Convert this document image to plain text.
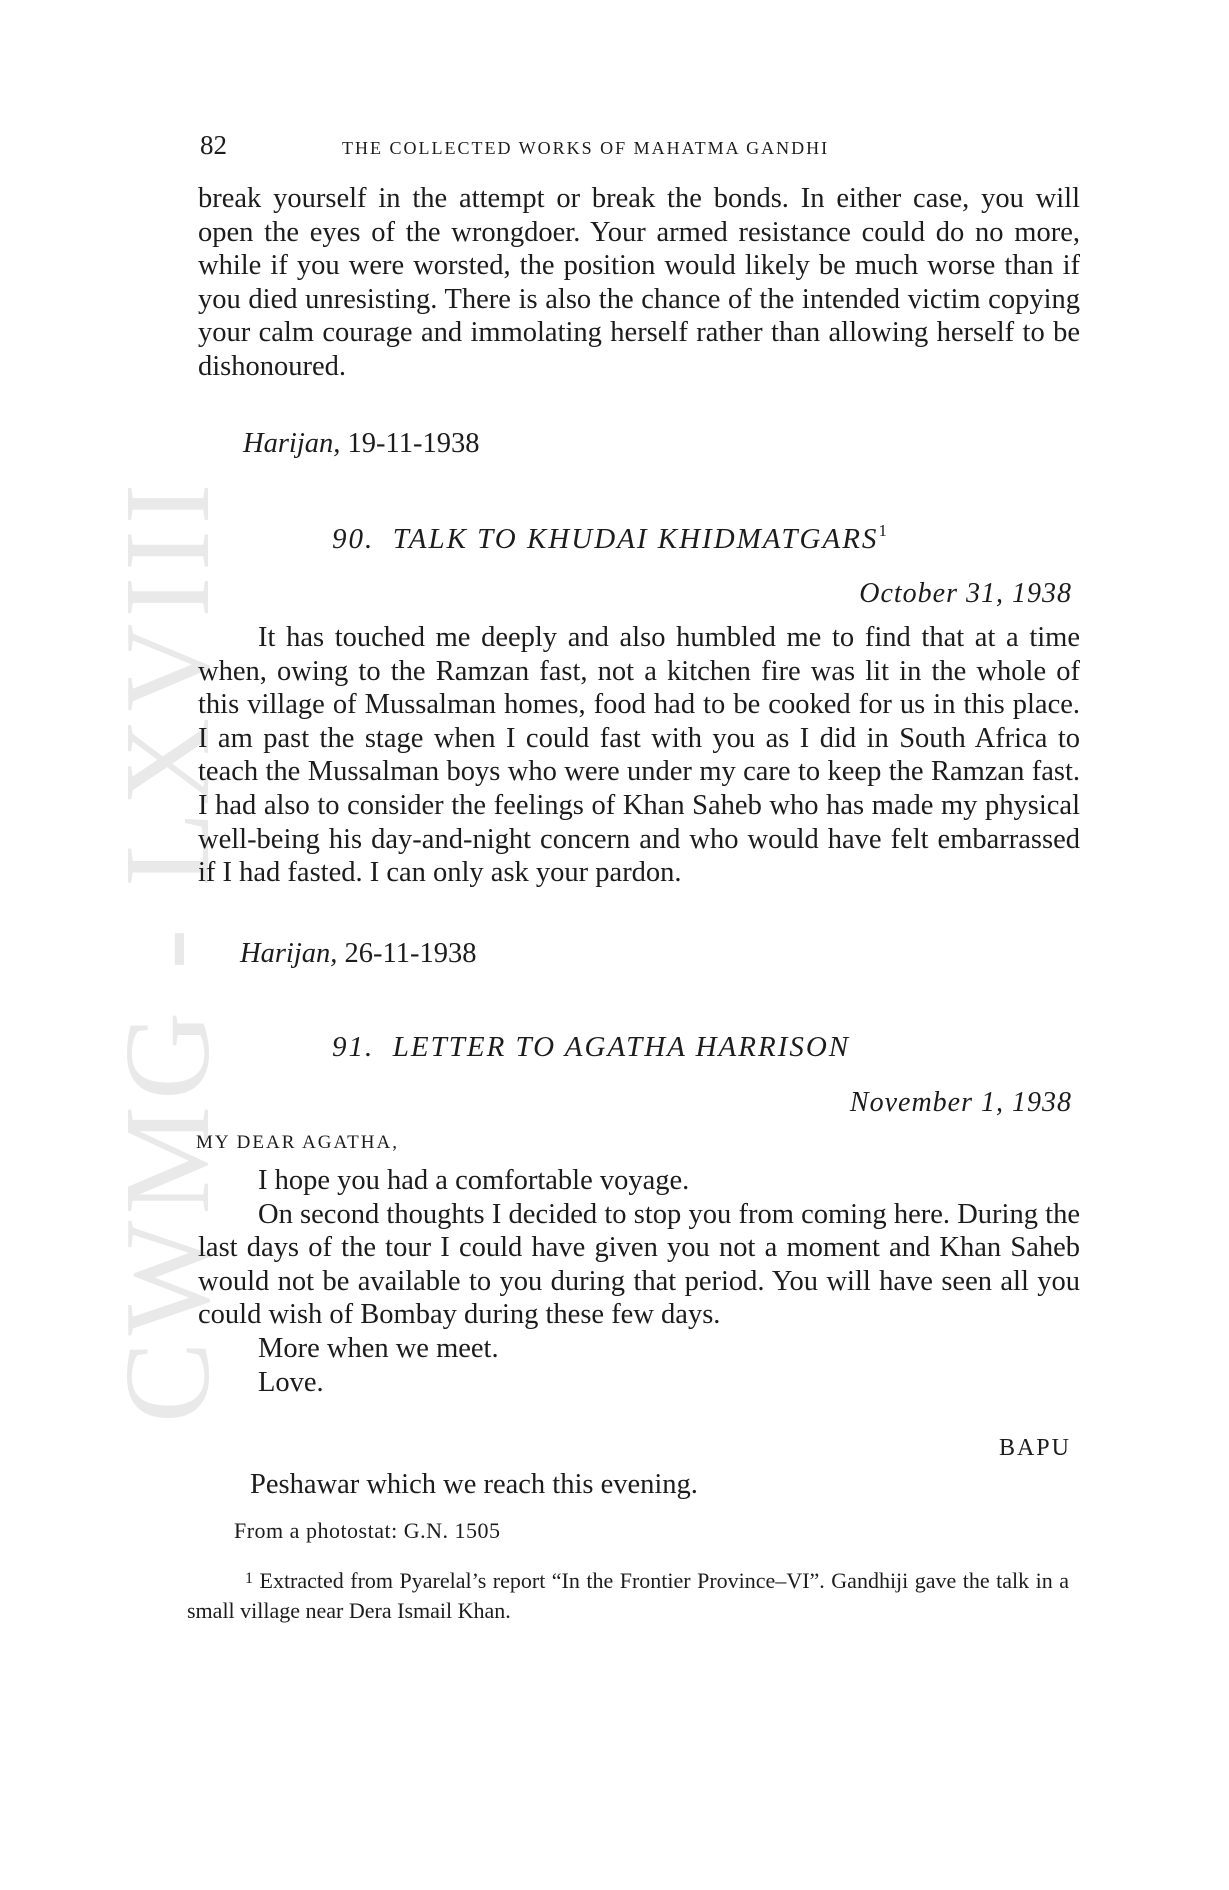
CWMG - LXVIII
82	THE COLLECTED WORKS OF MAHATMA GANDHI

break yourself in the attempt or break the bonds. In either case, you will open the eyes of the wrongdoer. Your armed resistance could do no more, while if you were worsted, the position would likely be much worse than if you died unresisting. There is also the chance of the intended victim copying your calm courage and immolating herself rather than allowing herself to be dishonoured.

Harijan, 19-11-1938
90. TALK TO KHUDAI KHIDMATGARS$^1$
October 31, 1938

It has touched me deeply and also humbled me to find that at a time when, owing to the Ramzan fast, not a kitchen fire was lit in the whole of this village of Mussalman homes, food had to be cooked for us in this place. I am past the stage when I could fast with you as I did in South Africa to teach the Mussalman boys who were under my care to keep the Ramzan fast. I had also to consider the feelings of Khan Saheb who has made my physical well-being his day-and-night concern and who would have felt embarrassed if I had fasted. I can only ask your pardon.

Harijan, 26-11-1938
91. LETTER TO AGATHA HARRISON
November 1, 1938
MY DEAR AGATHA,

I hope you had a comfortable voyage.

On second thoughts I decided to stop you from coming here. During the last days of the tour I could have given you not a moment and Khan Saheb would not be available to you during that period. You will have seen all you could wish of Bombay during these few days.

More when we meet.

Love.

BAPU
Peshawar which we reach this evening.
From a photostat: G.N. 1505

$^1$ Extracted from Pyarelal’s report “In the Frontier Province–VI”. Gandhiji gave the talk in a small village near Dera Ismail Khan.
